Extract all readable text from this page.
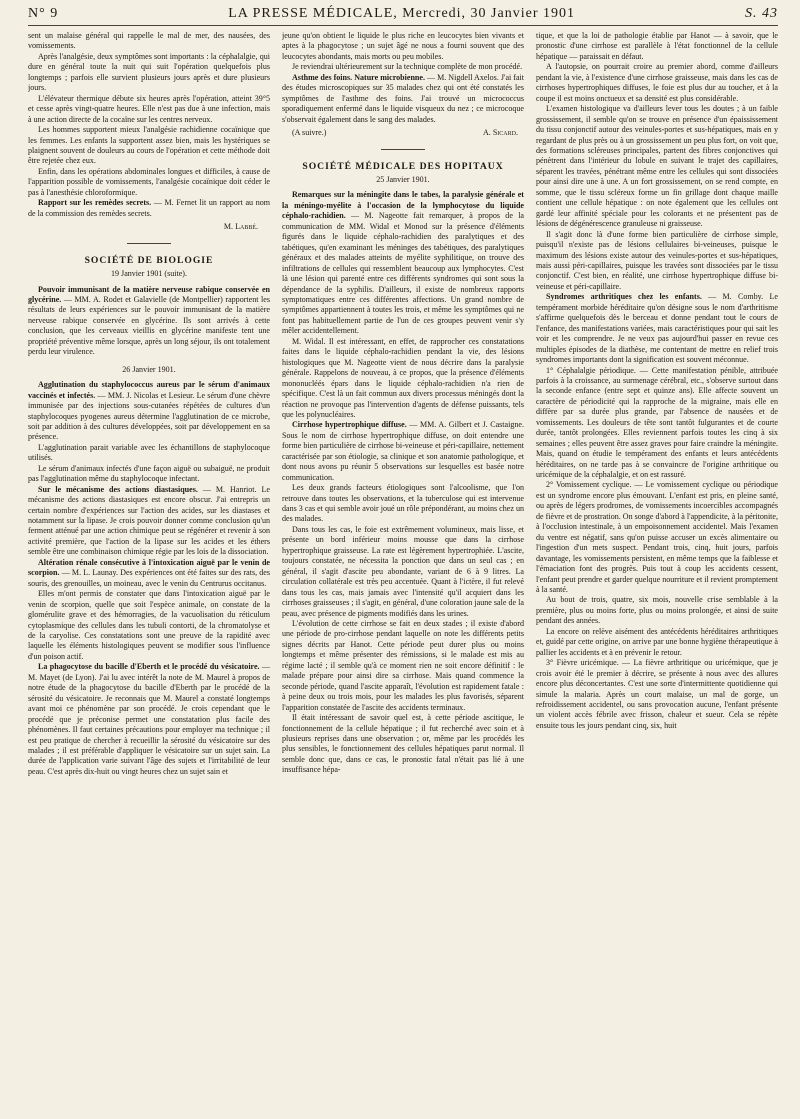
N° 9	LA PRESSE MÉDICALE, Mercredi, 30 Janvier 1901	S. 43

sent un malaise général qui rappelle le mal de mer, des nausées, des vomissements.

Après l'analgésie, deux symptômes sont importants : la céphalalgie, qui dure en général toute la nuit qui suit l'opération quelquefois plus longtemps ; parfois elle survient plusieurs jours après et dure plusieurs jours.

L'élévateur thermique débute six heures après l'opération, atteint 39°5 et cesse après vingt-quatre heures. Elle n'est pas due à une infection, mais à une action directe de la cocaïne sur les centres nerveux.

Les hommes supportent mieux l'analgésie rachidienne cocaïnique que les femmes. Les enfants la supportent assez bien, mais les hystériques se plaignent souvent de douleurs au cours de l'opération et cette méthode doit être rejetée chez eux.

Enfin, dans les opérations abdominales longues et difficiles, à cause de l'apparition possible de vomissements, l'analgésie cocaïnique doit céder le pas à l'anesthésie chloroformique.

Rapport sur les remèdes secrets. — M. Fernet lit un rapport au nom de la commission des remèdes secrets.

M. Labbé.
SOCIÉTÉ DE BIOLOGIE
19 Janvier 1901 (suite).

Pouvoir immunisant de la matière nerveuse rabique conservée en glycérine. — MM. A. Rodet et Galavielle (de Montpellier) rapportent les résultats de leurs expériences sur le pouvoir immunisant de la matière nerveuse rabique conservée en glycérine. Ils sont arrivés à cette conclusion, que les cerveaux vieillis en glycérine manifeste tent une propriété préventive même lorsque, après un long séjour, ils ont totalement perdu leur virulence.

26 Janvier 1901.

Agglutination du staphylococcus aureus par le sérum d'animaux vaccinés et infectés. — MM. J. Nicolas et Lesieur. Le sérum d'une chèvre immunisée par des injections sous-cutanées répétées de cultures d'un staphylocoques pyogenes aureus détermine l'agglutination de ce microbe, soit par addition à des cultures développées, soit par développement en sa présence.

L'agglutination parait variable avec les échantillons de staphylocoque utilisés.

Le sérum d'animaux infectés d'une façon aiguë ou subaiguë, ne produit pas l'agglutination même du staphylocoque infectant.

Sur le mécanisme des actions diastasiques. — M. Hanriot. Le mécanisme des actions diastasiques est encore obscur. J'ai entrepris un certain nombre d'expériences sur l'action des acides, sur les diastases et notamment sur la lipase. Je crois pouvoir donner comme conclusion qu'un ferment atténué par une action chimique peut se régénérer et revenir à son activité première, que l'action de la lipase sur les acides et les éthers semble être une combinaison chimique régie par les lois de la dissociation.

Altération rénale consécutive à l'intoxication aiguë par le venin de scorpion. — M. L. Launay. Des expériences ont été faites sur des rats, des souris, des grenouilles, un moineau, avec le venin du Centrurus occitanus.

Elles m'ont permis de constater que dans l'intoxication aiguë par le venin de scorpion, quelle que soit l'espèce animale, on constate de la glomérulite grave et des hémorragies, de la vacuolisation du réticulum cytoplasmique des cellules dans les tubuli contorti, de la chromatolyse et de la caryolise. Ces constatations sont une preuve de la rapidité avec laquelle les éléments histologiques peuvent se modifier sous l'influence d'un poison actif.

La phagocytose du bacille d'Eberth et le procédé du vésicatoire. — M. Mayet (de Lyon). J'ai lu avec intérêt la note de M. Maurel à propos de notre étude de la phagocytose du bacille d'Eberth par le procédé de la sérosité du vésicatoire. Je reconnais que M. Maurel a constaté longtemps avant moi ce phénomène par son procédé. Je crois cependant que le procédé que je préconise permet une constatation plus facile des phénomènes. Il faut certaines précautions pour employer ma technique ; il est peu pratique de chercher à recueillir la sérosité du vésicatoire sur des malades ; il est préférable d'appliquer le vésicatoire sur un sujet sain. La durée de l'application varie suivant l'âge des sujets et l'irritabilité de leur peau. C'est après dix-huit ou vingt heures chez un sujet sain et

jeune qu'on obtient le liquide le plus riche en leucocytes bien vivants et aptes à la phagocytose ; un sujet âgé ne nous a fourni souvent que des leucocytes abondants, mais morts ou peu mobiles.

Je reviendrai ultérieurement sur la technique complète de mon procédé.

Asthme des foins. Nature microbienne. — M. Nigdell Axelos. J'ai fait des études microscopiques sur 35 malades chez qui ont été constatés les symptômes de l'asthme des foins. J'ai trouvé un micrococcus sporadiquement enfermé dans le liquide visqueux du nez ; ce microcoque s'observait également dans le sang des malades.

(A suivre.)	A. Sicard.
SOCIÉTÉ MÉDICALE DES HOPITAUX
25 Janvier 1901.

Remarques sur la méningite dans le tabes, la paralysie générale et la méningo-myélite à l'occasion de la lymphocytose du liquide céphalo-rachidien. — M. Nageotte fait remarquer, à propos de la communication de MM. Widal et Monod sur la présence d'éléments figurés dans le liquide céphalo-rachidien des paralytiques et des tabétiques, qu'en examinant les méninges des tabétiques, des paralytiques généraux et des malades atteints de myélite syphilitique, on trouve des infiltrations de cellules qui ressemblent beaucoup aux lymphocytes. C'est là une lésion qui parenté entre ces différents syndromes qui sont sous la dépendance de la syphilis. D'ailleurs, il existe de nombreux rapports symptomatiques entre ces différentes affections. Un grand nombre de symptômes appartiennent à toutes les trois, et même les symptômes qui ne font pas habituellement partie de l'un de ces groupes peuvent venir s'y mêler accidentellement.

M. Widal. Il est intéressant, en effet, de rapprocher ces constatations faites dans le liquide céphalo-rachidien pendant la vie, des lésions histologiques que M. Nageotte vient de nous décrire dans la paralysie générale. Rappelons de nouveau, à ce propos, que la présence d'éléments mononucléés épars dans le liquide céphalo-rachidien n'a rien de spécifique. C'est là un fait commun aux divers processus méningés dont la réaction ne provoque pas l'intervention d'agents de défense puissants, tels que les polynucléaires.

Cirrhose hypertrophique diffuse. — MM. A. Gilbert et J. Castaigne. Sous le nom de cirrhose hypertrophique diffuse, on doit entendre une forme bien particulière de cirrhose bi-veineuse et péri-capillaire, nettement caractérisée par son étiologie, sa clinique et son anatomie pathologique, et dont nous avons pu réunir 5 observations sur lesquelles est basée notre communication.

Les deux grands facteurs étiologiques sont l'alcoolisme, que l'on retrouve dans toutes les observations, et la tuberculose qui est intervenue dans 3 cas et qui semble avoir joué un rôle prépondérant, au moins chez un des malades.

Dans tous les cas, le foie est extrêmement volumineux, mais lisse, et présente un bord inférieur moins mousse que dans la cirrhose hypertrophique graisseuse. La rate est légèrement hypertrophiée. L'ascite, toujours constatée, ne nécessita la ponction que dans un seul cas ; en général, il s'agit d'ascite peu abondante, variant de 6 à 9 litres. La circulation collatérale est très peu accentuée. Quant à l'ictère, il fut relevé dans tous les cas, mais jamais avec l'intensité qu'il acquiert dans les cirrhoses graisseuses ; il s'agit, en général, d'une coloration jaune sale de la peau, avec présence de pigments modifiés dans les urines.

L'évolution de cette cirrhose se fait en deux stades ; il existe d'abord une période de pro-cirrhose pendant laquelle on note les différents petits signes décrits par Hanot. Cette période peut durer plus ou moins longtemps et même présenter des rémissions, si le malade est mis au régime lacté ; il semble qu'à ce moment rien ne soit encore définitif : le malade prépare pour ainsi dire sa cirrhose. Mais quand commence la seconde période, quand l'ascite apparaît, l'évolution est rapidement fatale : à peine deux ou trois mois, pour les malades les plus favorisés, séparent l'apparition constatée de l'ascite des accidents terminaux.

Il était intéressant de savoir quel est, à cette période ascitique, le fonctionnement de la cellule hépatique ; il fut recherché avec soin et à plusieurs reprises dans une observation ; or, même par les procédés les plus sensibles, le fonctionnement des cellules hépatiques parut normal. Il semble donc que, dans ce cas, le pronostic fatal n'était pas lié à une insuffisance hépa-

tique, et que la loi de pathologie établie par Hanot — à savoir, que le pronostic d'une cirrhose est parallèle à l'état fonctionnel de la cellule hépatique — paraissait en défaut.

A l'autopsie, on pourrait croire au premier abord, comme d'ailleurs pendant la vie, à l'existence d'une cirrhose graisseuse, mais dans les cas de cirrhoses hypertrophiques diffuses, le foie est plus dur au toucher, et à la coupe il est moins onctueux et sa densité est plus considérable.

L'examen histologique va d'ailleurs lever tous les doutes ; à un faible grossissement, il semble qu'on se trouve en présence d'un épaississement du tissu conjonctif autour des veinules-portes et sus-hépatiques, mais en y regardant de plus près ou à un grossissement un peu plus fort, on voit que, des formations scléreuses principales, partent des fibres conjonctives qui pénètrent dans l'intérieur du lobule en suivant le trajet des capillaires, séparent les travées, pénétrant même entre les cellules qui sont dissociées pour ainsi dire une à une. A un fort grossissement, on se rend compte, en somme, que le tissu scléreux forme un fin grillage dont chaque maille contient une cellule hépatique : on note également que les cellules ont gardé leur affinité spéciale pour les colorants et ne présentent pas de lésions de dégénérescence granuleuse ni graisseuse.

Il s'agit donc là d'une forme bien particulière de cirrhose simple, puisqu'il n'existe pas de lésions cellulaires bi-veineuses, puisque le maximum des lésions existe autour des veinules-portes et sus-hépatiques, mais aussi péri-capillaires, puisque les travées sont dissociées par le tissu conjonctif. C'est bien, en réalité, une cirrhose hypertrophique diffuse bi-veineuse et péri-capillaire.

Syndromes arthritiques chez les enfants. — M. Comby. Le tempérament morbide héréditaire qu'on désigne sous le nom d'arthritisme s'affirme quelquefois dès le berceau et donne pendant tout le cours de l'enfance, des manifestations variées, mais caractéristiques pour qui sait les voir et les comprendre. Je ne veux pas aujourd'hui passer en revue ces multiples épisodes de la diathèse, me contentant de mettre en relief trois syndromes importants dont la signification est souvent méconnue.

1° Céphalalgie périodique. — Cette manifestation pénible, attribuée parfois à la croissance, au surmenage cérébral, etc., s'observe surtout dans la seconde enfance (entre sept et quinze ans). Elle affecte souvent un caractère de périodicité qui la rapproche de la migraine, mais elle en diffère par sa durée plus grande, par l'absence de nausées et de vomissements. Les douleurs de tête sont tantôt fulgurantes et de courte durée, tantôt prolongées. Elles reviennent parfois toutes les cinq à six semaines ; elles peuvent être assez graves pour faire craindre la méningite. Mais, quand on étudie le tempérament des enfants et leurs antécédents héréditaires, on ne tarde pas à se convaincre de l'origine arthritique ou uricémique de la céphalalgie, et on est rassuré.

2° Vomissement cyclique. — Le vomissement cyclique ou périodique est un syndrome encore plus émouvant. L'enfant est pris, en pleine santé, ou après de légers prodromes, de vomissements incoercibles accompagnés de fièvre et de prostration. On songe d'abord à l'appendicite, à la péritonite, à l'occlusion intestinale, à un empoisonnement accidentel. Mais l'examen du ventre est négatif, sans qu'on puisse accuser un excès alimentaire ou l'ingestion d'un mets suspect. Pendant trois, cinq, huit jours, parfois davantage, les vomissements persistent, en même temps que la faiblesse et l'émaciation font des progrès. Puis tout à coup les accidents cessent, l'enfant peut prendre et garder quelque nourriture et il revient promptement à la santé.

Au bout de trois, quatre, six mois, nouvelle crise semblable à la première, plus ou moins forte, plus ou moins prolongée, et ainsi de suite pendant des années.

La encore on relève aisément des antécédents héréditaires arthritiques et, guidé par cette origine, on arrive par une bonne hygiène thérapeutique à pallier les accidents et à en prévenir le retour.

3° Fièvre uricémique. — La fièvre arthritique ou uricémique, que je crois avoir été le premier à décrire, se présente à nous avec des allures encore plus déconcertantes. C'est une sorte d'intermittente quotidienne qui simule la malaria. Après un court malaise, un mal de gorge, un refroidissement accidentel, ou sans provocation aucune, l'enfant présente un violent accès fébrile avec frisson, chaleur et sueur. Cela se répète ensuite tous les jours pendant cinq, six, huit
